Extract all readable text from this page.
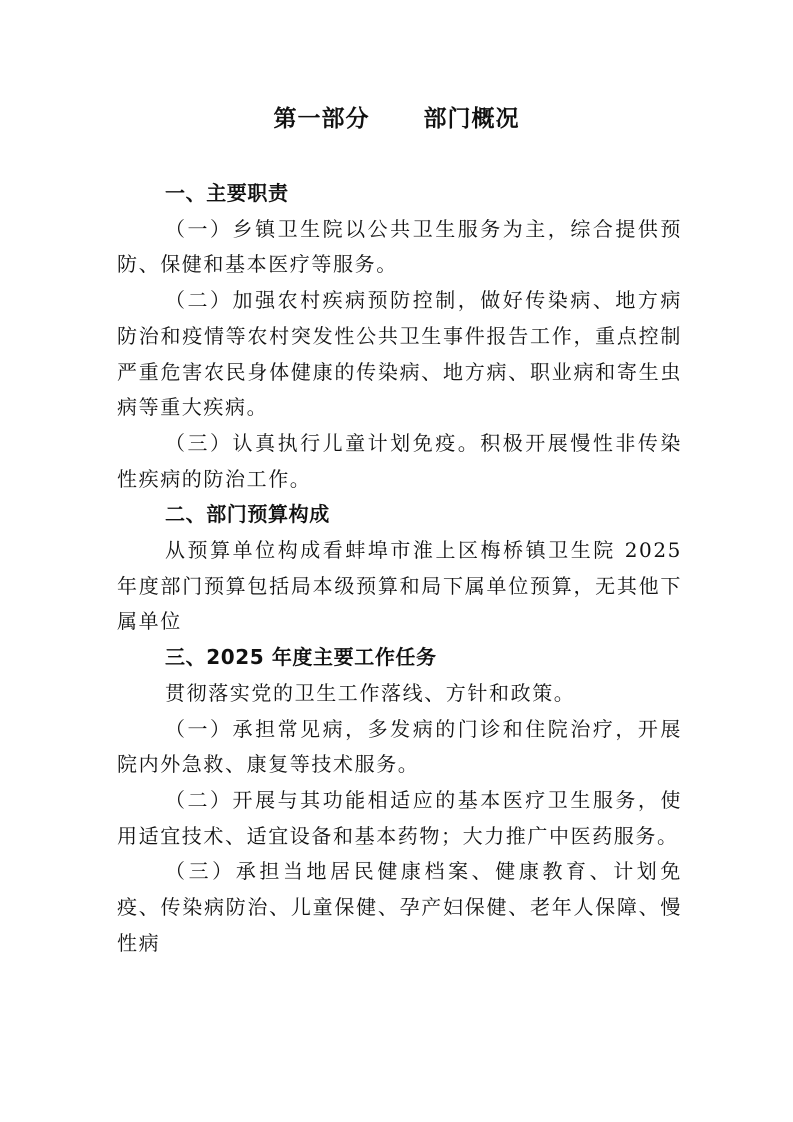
第一部分      部门概况
一、主要职责

（一）乡镇卫生院以公共卫生服务为主，综合提供预防、保健和基本医疗等服务。

（二）加强农村疾病预防控制，做好传染病、地方病防治和疫情等农村突发性公共卫生事件报告工作，重点控制严重危害农民身体健康的传染病、地方病、职业病和寄生虫病等重大疾病。

（三）认真执行儿童计划免疫。积极开展慢性非传染性疾病的防治工作。

二、部门预算构成

从预算单位构成看蚌埠市淮上区梅桥镇卫生院 2025 年度部门预算包括局本级预算和局下属单位预算，无其他下属单位

三、2025 年度主要工作任务

贯彻落实党的卫生工作落线、方针和政策。

（一）承担常见病，多发病的门诊和住院治疗，开展院内外急救、康复等技术服务。

（二）开展与其功能相适应的基本医疗卫生服务，使用适宜技术、适宜设备和基本药物；大力推广中医药服务。

（三）承担当地居民健康档案、健康教育、计划免疫、传染病防治、儿童保健、孕产妇保健、老年人保障、慢性病
